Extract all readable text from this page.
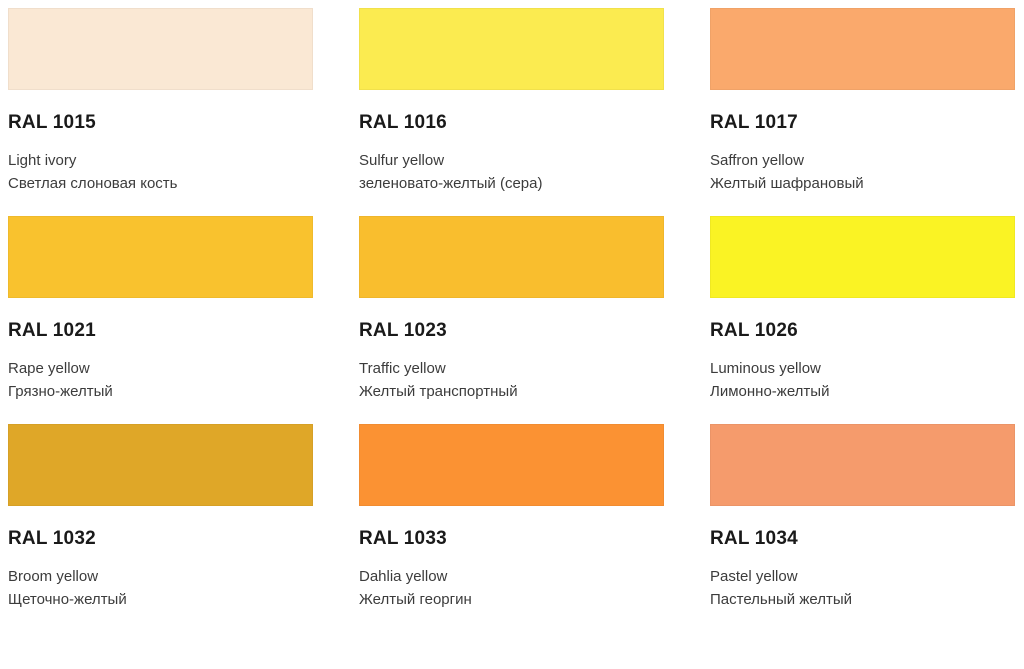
RAL 1015
Light ivory
Светлая слоновая кость
RAL 1016
Sulfur yellow
зеленовато-желтый (сера)
RAL 1017
Saffron yellow
Желтый шафрановый
RAL 1021
Rape yellow
Грязно-желтый
RAL 1023
Traffic yellow
Желтый транспортный
RAL 1026
Luminous yellow
Лимонно-желтый
RAL 1032
Broom yellow
Щеточно-желтый
RAL 1033
Dahlia yellow
Желтый георгин
RAL 1034
Pastel yellow
Пастельный желтый
